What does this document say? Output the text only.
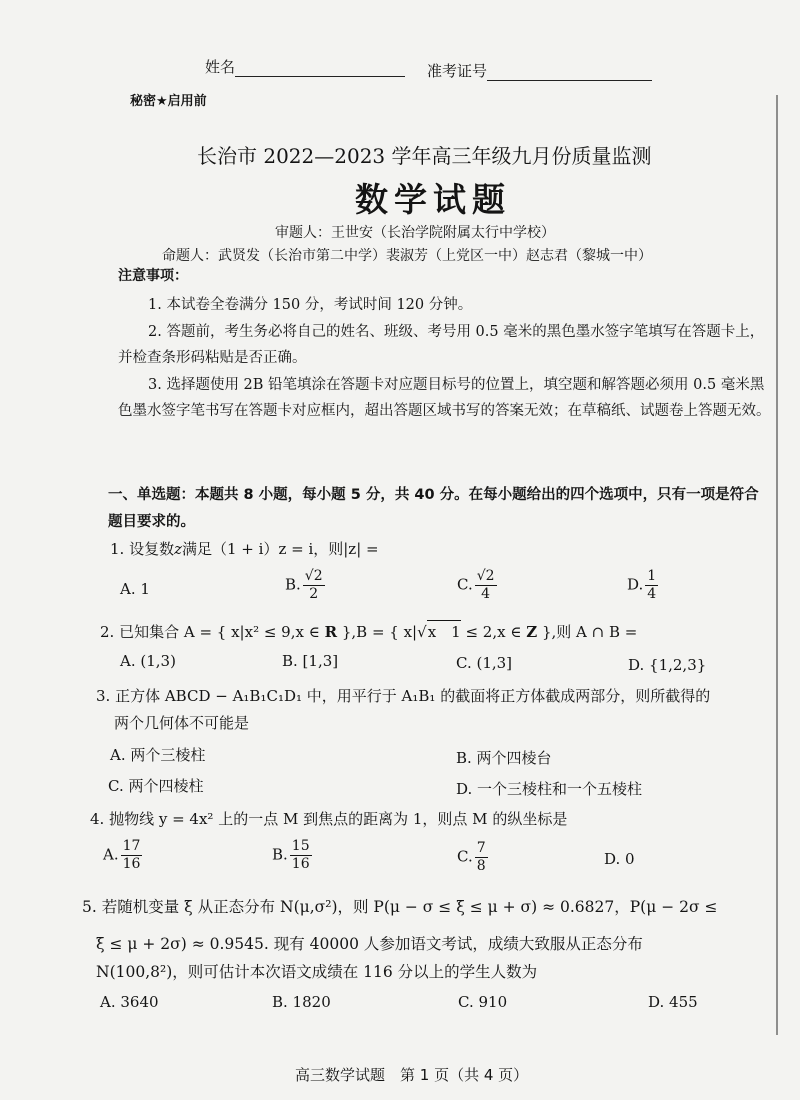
姓名	准考证号
秘密★启用前
长治市 2022—2023 学年高三年级九月份质量监测
数学试题
审题人：王世安（长治学院附属太行中学校）
命题人：武贤发（长治市第二中学）裴淑芳（上党区一中）赵志君（黎城一中）
注意事项：
1. 本试卷全卷满分 150 分，考试时间 120 分钟。
2. 答题前，考生务必将自己的姓名、班级、考号用 0.5 毫米的黑色墨水签字笔填写在答题卡上，并检查条形码粘贴是否正确。
3. 选择题使用 2B 铅笔填涂在答题卡对应题目标号的位置上，填空题和解答题必须用 0.5 毫米黑色墨水签字笔书写在答题卡对应框内，超出答题区域书写的答案无效；在草稿纸、试题卷上答题无效。
一、单选题：本题共 8 小题，每小题 5 分，共 40 分。在每小题给出的四个选项中，只有一项是符合题目要求的。
1. 设复数z满足（1 + i）z = i，则|z| =
A. 1	B. $\frac{√2}{2}$	C. $\frac{√2}{4}$	D. $\frac{1}{4}$
2. 已知集合 A = { x|x² ≤ 9,x ∈ R },B = { x|√x　1 ≤ 2,x ∈ Z },则 A ∩ B =
A. (1,3)	B. [1,3]	C. (1,3]	D. {1,2,3}
3. 正方体 ABCD − A₁B₁C₁D₁ 中，用平行于 A₁B₁ 的截面将正方体截成两部分，则所截得的
两个几何体不可能是
A. 两个三棱柱	B. 两个四棱台
C. 两个四棱柱	D. 一个三棱柱和一个五棱柱
4. 抛物线 y = 4x² 上的一点 M 到焦点的距离为 1，则点 M 的纵坐标是
A. $\frac{17}{16}$	B. $\frac{15}{16}$	C. $\frac{7}{8}$	D. 0
5. 若随机变量 ξ 从正态分布 N(μ,σ²)，则 P(μ − σ ≤ ξ ≤ μ + σ) ≈ 0.6827，P(μ − 2σ ≤
ξ ≤ μ + 2σ) ≈ 0.9545. 现有 40000 人参加语文考试，成绩大致服从正态分布
N(100,8²)，则可估计本次语文成绩在 116 分以上的学生人数为
A. 3640	B. 1820	C. 910	D. 455
高三数学试题　第 1 页（共 4 页）
